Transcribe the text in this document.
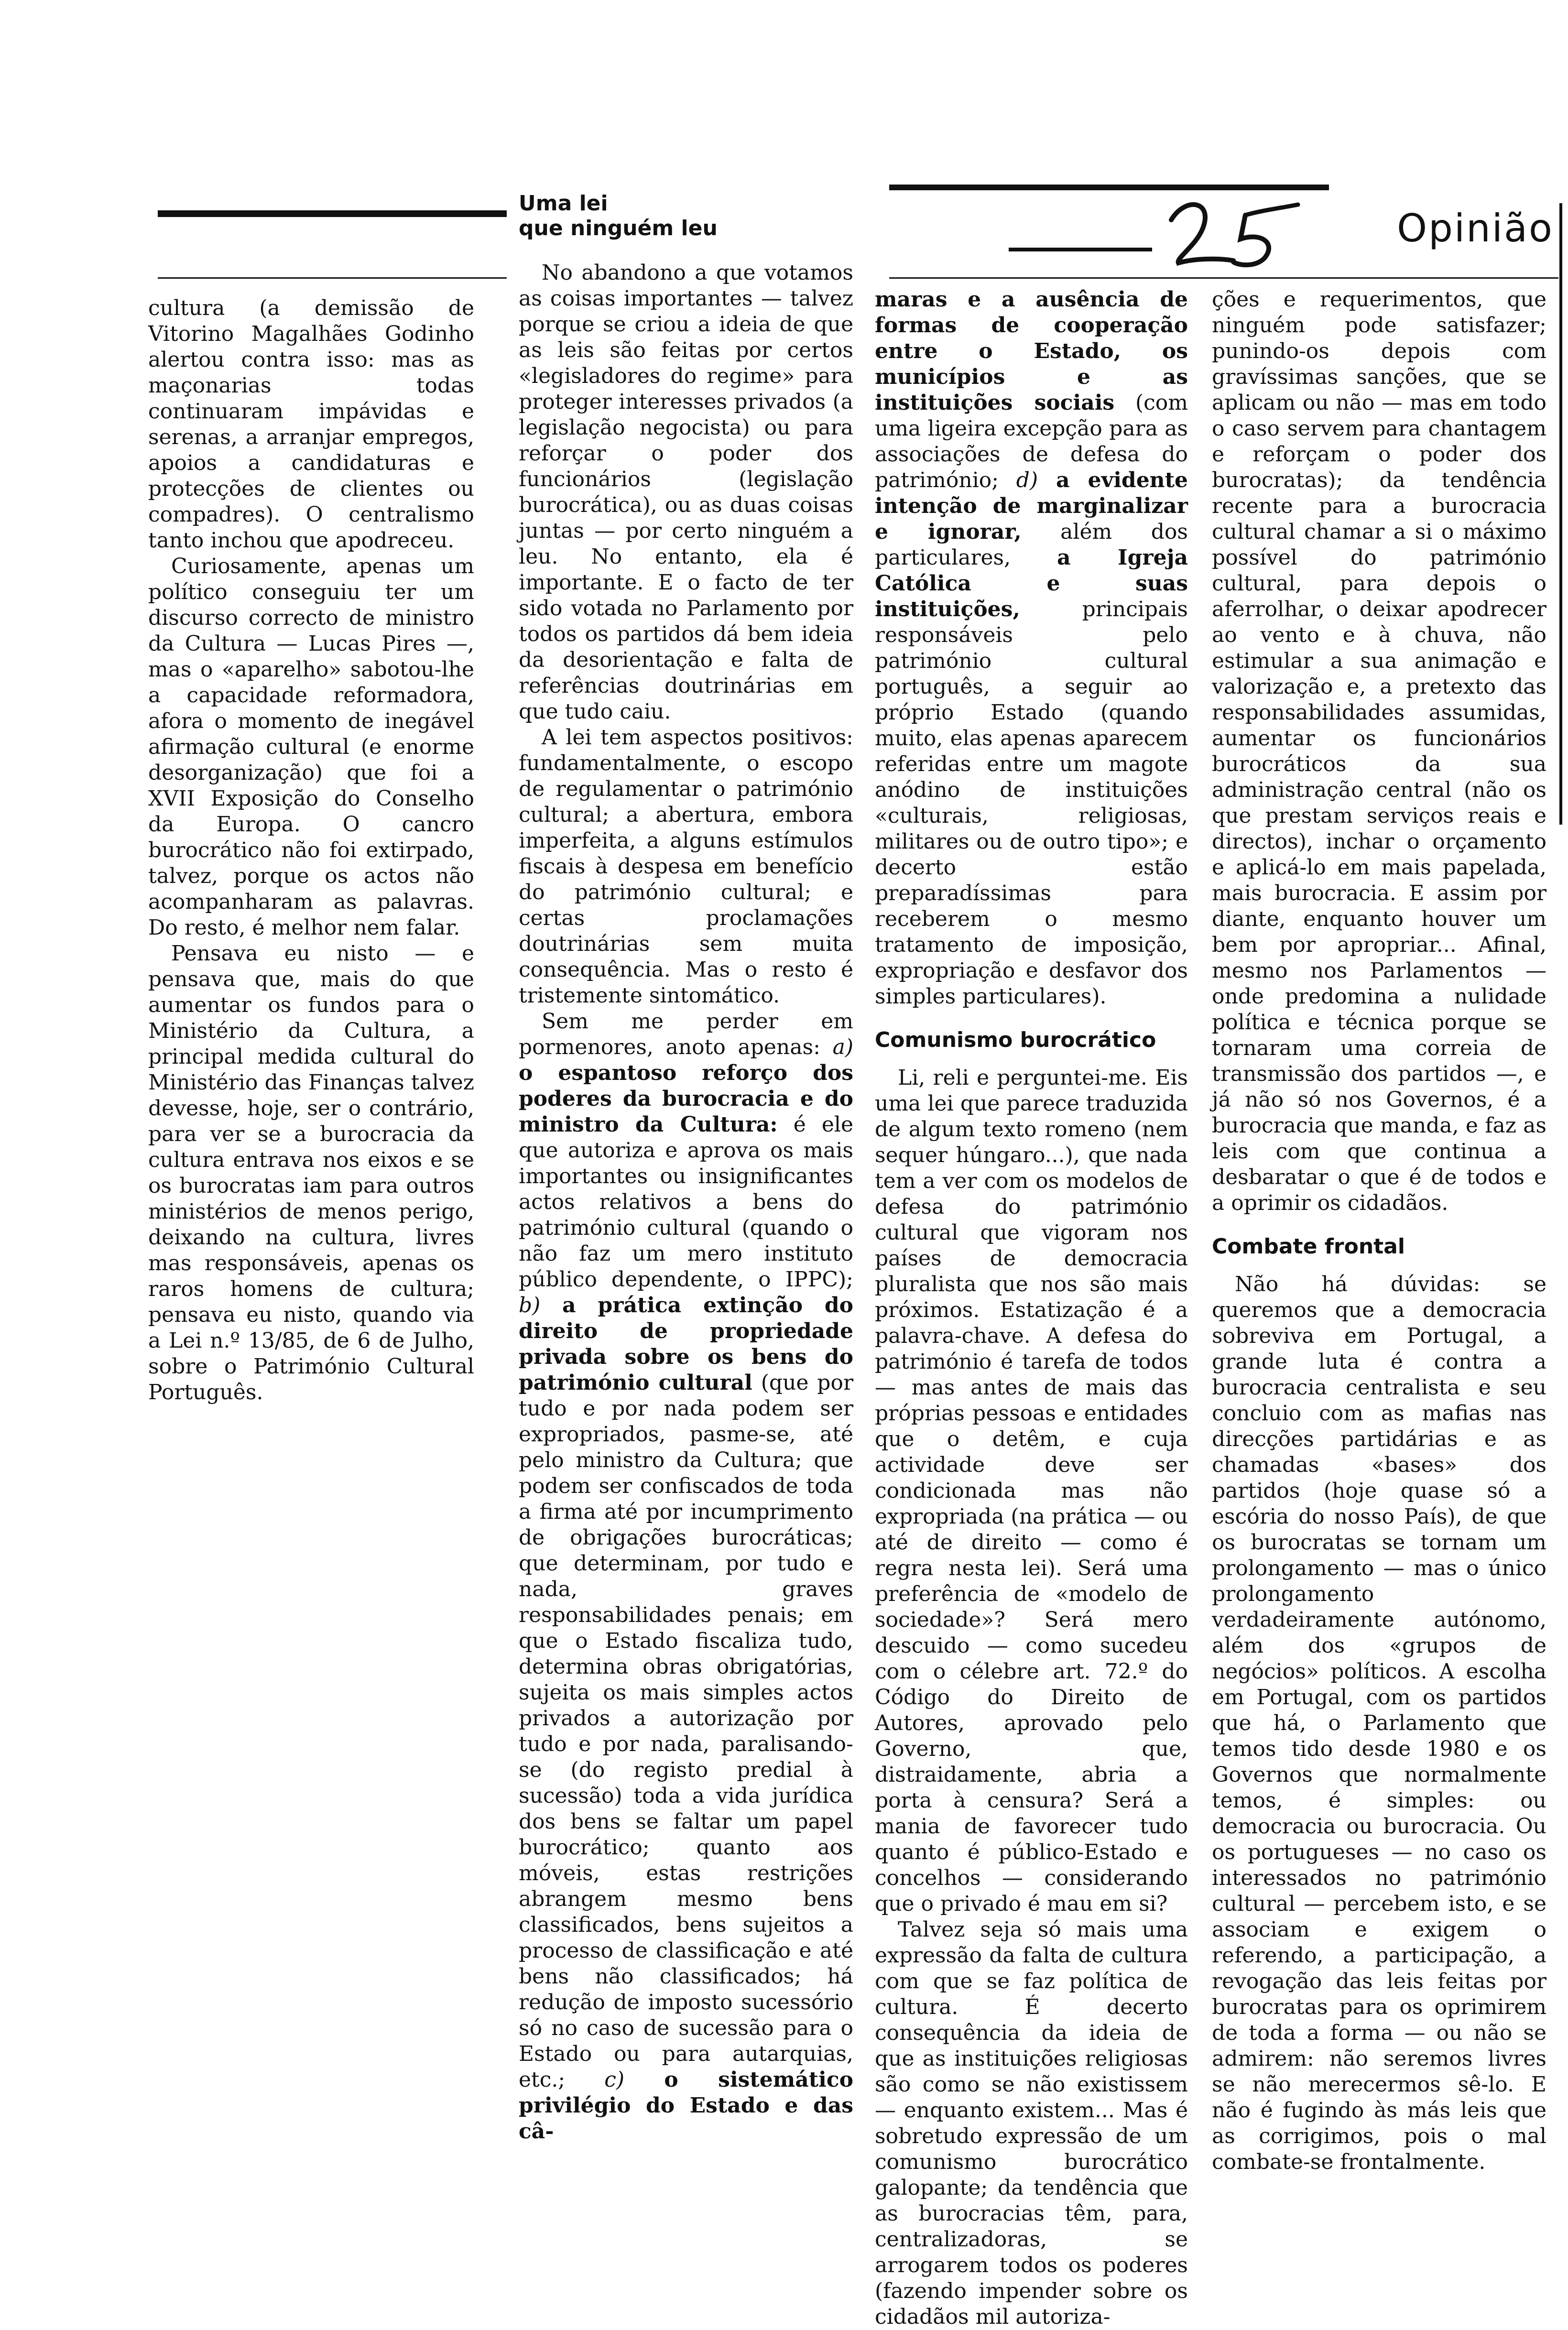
Opinião

cultura (a demissão de Vitorino Magalhães Godinho alertou contra isso: mas as maçonarias todas continuaram impávidas e serenas, a arranjar empregos, apoios a candidaturas e protecções de clientes ou compadres). O centralismo tanto inchou que apodreceu.

Curiosamente, apenas um político conseguiu ter um discurso correcto de ministro da Cultura — Lucas Pires —, mas o «aparelho» sabotou-lhe a capacidade reformadora, afora o momento de inegável afirmação cultural (e enorme desorganização) que foi a XVII Exposição do Conselho da Europa. O cancro burocrático não foi extirpado, talvez, porque os actos não acompanharam as palavras. Do resto, é melhor nem falar.

Pensava eu nisto — e pensava que, mais do que aumentar os fundos para o Ministério da Cultura, a principal medida cultural do Ministério das Finanças talvez devesse, hoje, ser o contrário, para ver se a burocracia da cultura entrava nos eixos e se os burocratas iam para outros ministérios de menos perigo, deixando na cultura, livres mas responsáveis, apenas os raros homens de cultura; pensava eu nisto, quando via a Lei n.º 13/85, de 6 de Julho, sobre o Património Cultural Português.

Uma lei
que ninguém leu

No abandono a que votamos as coisas importantes — talvez porque se criou a ideia de que as leis são feitas por certos «legisladores do regime» para proteger interesses privados (a legislação negocista) ou para reforçar o poder dos funcionários (legislação burocrática), ou as duas coisas juntas — por certo ninguém a leu. No entanto, ela é importante. E o facto de ter sido votada no Parlamento por todos os partidos dá bem ideia da desorientação e falta de referências doutrinárias em que tudo caiu.

A lei tem aspectos positivos: fundamentalmente, o escopo de regulamentar o património cultural; a abertura, embora imperfeita, a alguns estímulos fiscais à despesa em benefício do património cultural; e certas proclamações doutrinárias sem muita consequência. Mas o resto é tristemente sintomático.

Sem me perder em pormenores, anoto apenas: a) o espantoso reforço dos poderes da burocracia e do ministro da Cultura: é ele que autoriza e aprova os mais importantes ou insignificantes actos relativos a bens do património cultural (quando o não faz um mero instituto público dependente, o IPPC); b) a prática extinção do direito de propriedade privada sobre os bens do património cultural (que por tudo e por nada podem ser expropriados, pasme-se, até pelo ministro da Cultura; que podem ser confiscados de toda a firma até por incumprimento de obrigações burocráticas; que determinam, por tudo e nada, graves responsabilidades penais; em que o Estado fiscaliza tudo, determina obras obrigatórias, sujeita os mais simples actos privados a autorização por tudo e por nada, paralisando-se (do registo predial à sucessão) toda a vida jurídica dos bens se faltar um papel burocrático; quanto aos móveis, estas restrições abrangem mesmo bens classificados, bens sujeitos a processo de classificação e até bens não classificados; há redução de imposto sucessório só no caso de sucessão para o Estado ou para autarquias, etc.; c) o sistemático privilégio do Estado e das câ-

maras e a ausência de formas de cooperação entre o Estado, os municípios e as instituições sociais (com uma ligeira excepção para as associações de defesa do património; d) a evidente intenção de marginalizar e ignorar, além dos particulares, a Igreja Católica e suas instituições, principais responsáveis pelo património cultural português, a seguir ao próprio Estado (quando muito, elas apenas aparecem referidas entre um magote anódino de instituições «culturais, religiosas, militares ou de outro tipo»; e decerto estão preparadíssimas para receberem o mesmo tratamento de imposição, expropriação e desfavor dos simples particulares).

Comunismo burocrático

Li, reli e perguntei-me. Eis uma lei que parece traduzida de algum texto romeno (nem sequer húngaro...), que nada tem a ver com os modelos de defesa do património cultural que vigoram nos países de democracia pluralista que nos são mais próximos. Estatização é a palavra-chave. A defesa do património é tarefa de todos — mas antes de mais das próprias pessoas e entidades que o detêm, e cuja actividade deve ser condicionada mas não expropriada (na prática — ou até de direito — como é regra nesta lei). Será uma preferência de «modelo de sociedade»? Será mero descuido — como sucedeu com o célebre art. 72.º do Código do Direito de Autores, aprovado pelo Governo, que, distraidamente, abria a porta à censura? Será a mania de favorecer tudo quanto é público-Estado e concelhos — considerando que o privado é mau em si?

Talvez seja só mais uma expressão da falta de cultura com que se faz política de cultura. É decerto consequência da ideia de que as instituições religiosas são como se não existissem — enquanto existem... Mas é sobretudo expressão de um comunismo burocrático galopante; da tendência que as burocracias têm, para, centralizadoras, se arrogarem todos os poderes (fazendo impender sobre os cidadãos mil autoriza-

ções e requerimentos, que ninguém pode satisfazer; punindo-os depois com gravíssimas sanções, que se aplicam ou não — mas em todo o caso servem para chantagem e reforçam o poder dos burocratas); da tendência recente para a burocracia cultural chamar a si o máximo possível do património cultural, para depois o aferrolhar, o deixar apodrecer ao vento e à chuva, não estimular a sua animação e valorização e, a pretexto das responsabilidades assumidas, aumentar os funcionários burocráticos da sua administração central (não os que prestam serviços reais e directos), inchar o orçamento e aplicá-lo em mais papelada, mais burocracia. E assim por diante, enquanto houver um bem por apropriar... Afinal, mesmo nos Parlamentos — onde predomina a nulidade política e técnica porque se tornaram uma correia de transmissão dos partidos —, e já não só nos Governos, é a burocracia que manda, e faz as leis com que continua a desbaratar o que é de todos e a oprimir os cidadãos.

Combate frontal

Não há dúvidas: se queremos que a democracia sobreviva em Portugal, a grande luta é contra a burocracia centralista e seu concluio com as mafias nas direcções partidárias e as chamadas «bases» dos partidos (hoje quase só a escória do nosso País), de que os burocratas se tornam um prolongamento — mas o único prolongamento verdadeiramente autónomo, além dos «grupos de negócios» políticos. A escolha em Portugal, com os partidos que há, o Parlamento que temos tido desde 1980 e os Governos que normalmente temos, é simples: ou democracia ou burocracia. Ou os portugueses — no caso os interessados no património cultural — percebem isto, e se associam e exigem o referendo, a participação, a revogação das leis feitas por burocratas para os oprimirem de toda a forma — ou não se admirem: não seremos livres se não merecermos sê-lo. E não é fugindo às más leis que as corrigimos, pois o mal combate-se frontalmente.
